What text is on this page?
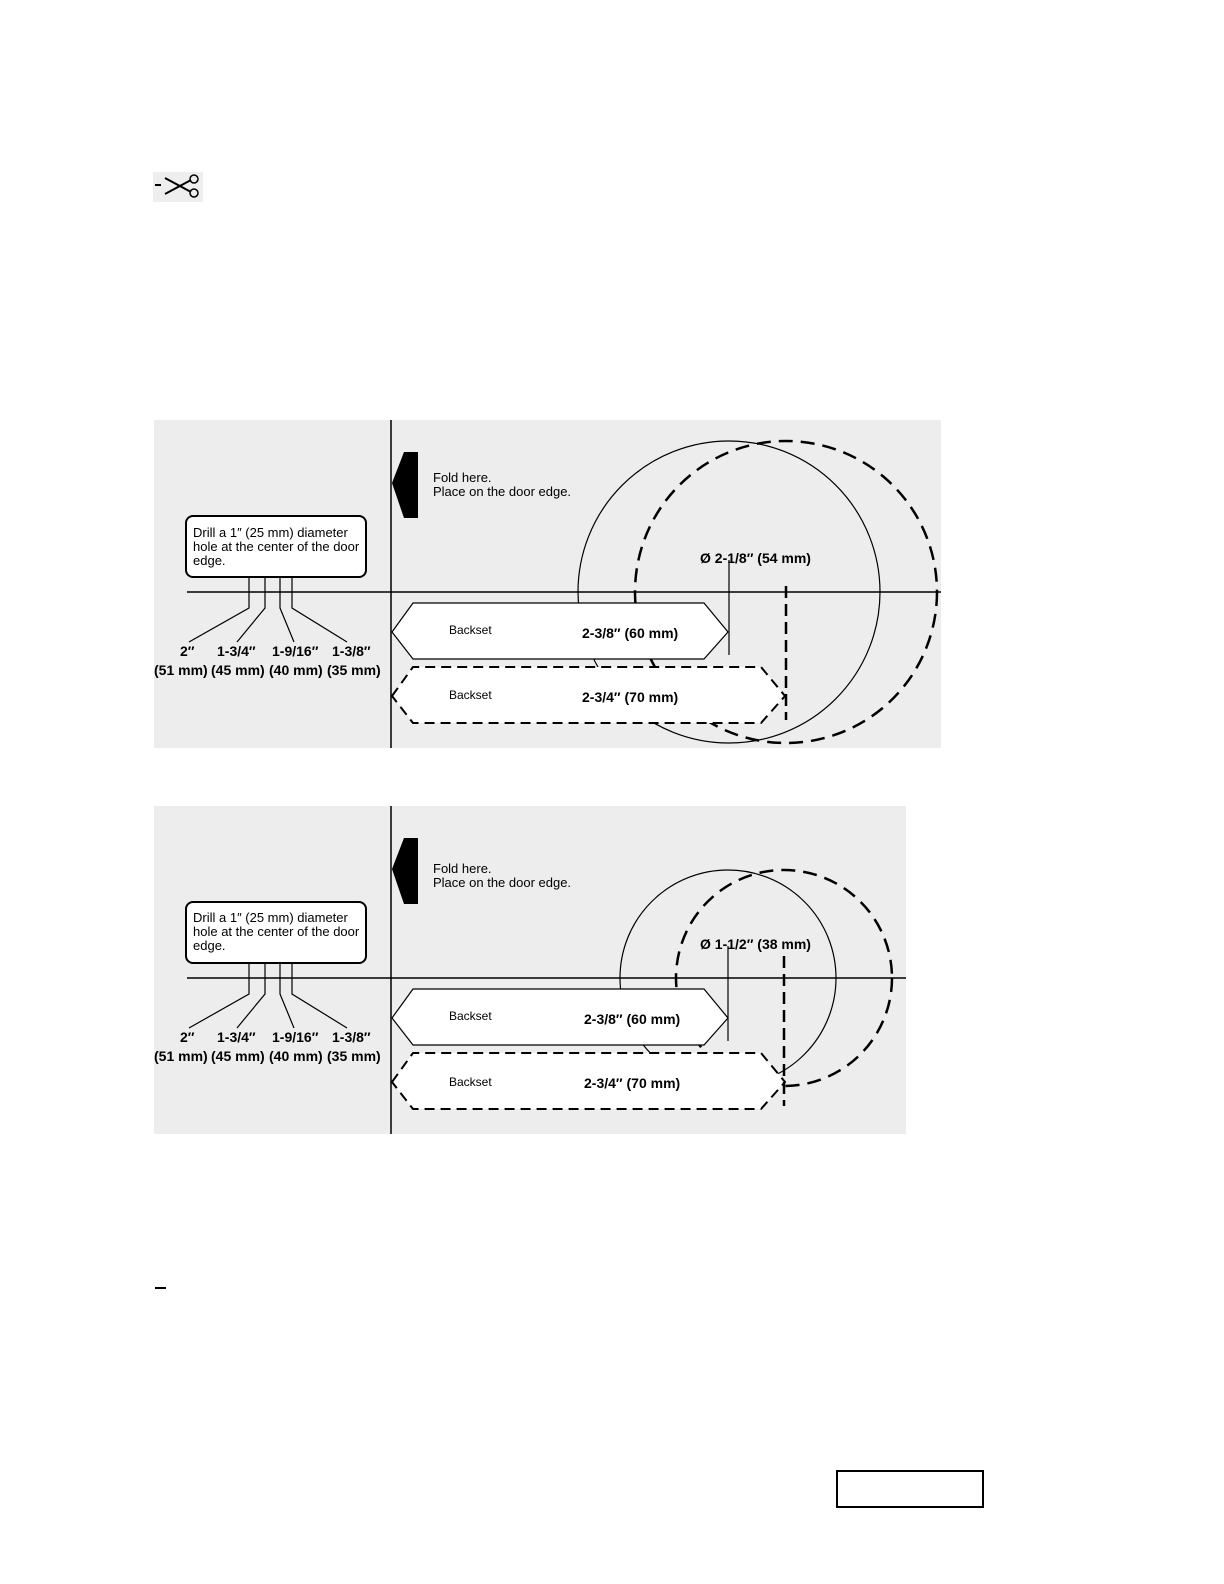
Fold here.
Place on the door edge.
Drill a 1″ (25 mm) diameter
hole at the center of the door
edge.
2″
(51 mm)
1-3/4″
(45 mm)
1-9/16″
(40 mm)
1-3/8″
(35 mm)
Ø 2-1/8″ (54 mm)
Backset	2-3/8″ (60 mm)
Backset	2-3/4″ (70 mm)
Fold here.
Place on the door edge.
Drill a 1″ (25 mm) diameter
hole at the center of the door
edge.
2″
(51 mm)
1-3/4″
(45 mm)
1-9/16″
(40 mm)
1-3/8″
(35 mm)
Ø 1-1/2″ (38 mm)
Backset	2-3/8″ (60 mm)
Backset	2-3/4″ (70 mm)
